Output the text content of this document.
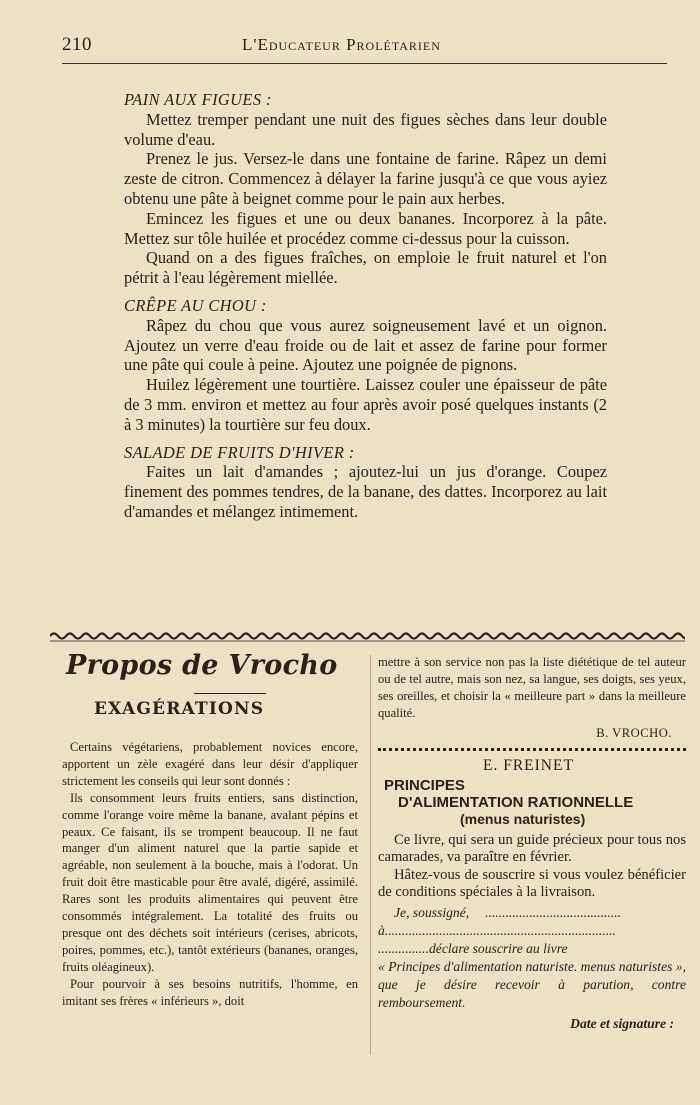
210	L'Educateur Prolétarien

PAIN AUX FIGUES :

Mettez tremper pendant une nuit des figues sèches dans leur double volume d'eau.

Prenez le jus. Versez-le dans une fontaine de farine. Râpez un demi zeste de citron. Commencez à délayer la farine jusqu'à ce que vous ayiez obtenu une pâte à beignet comme pour le pain aux herbes.

Emincez les figues et une ou deux bananes. Incorporez à la pâte. Mettez sur tôle huilée et procédez comme ci-dessus pour la cuisson.

Quand on a des figues fraîches, on emploie le fruit naturel et l'on pétrit à l'eau légèrement miellée.

CRÊPE AU CHOU :

Râpez du chou que vous aurez soigneusement lavé et un oignon. Ajoutez un verre d'eau froide ou de lait et assez de farine pour former une pâte qui coule à peine. Ajoutez une poignée de pignons.

Huilez légèrement une tourtière. Laissez couler une épaisseur de pâte de 3 mm. environ et mettez au four après avoir posé quelques instants (2 à 3 minutes) la tourtière sur feu doux.

SALADE DE FRUITS D'HIVER :

Faites un lait d'amandes ; ajoutez-lui un jus d'orange. Coupez finement des pommes tendres, de la banane, des dattes. Incorporez au lait d'amandes et mélangez intimement.

Propos de Vrocho

EXAGÉRATIONS

Certains végétariens, probablement novices encore, apportent un zèle exagéré dans leur désir d'appliquer strictement les conseils qui leur sont donnés :

Ils consomment leurs fruits entiers, sans distinction, comme l'orange voire même la banane, avalant pépins et peaux. Ce faisant, ils se trompent beaucoup. Il ne faut manger d'un aliment naturel que la partie sapide et agréable, non seulement à la bouche, mais à l'odorat. Un fruit doit être masticable pour être avalé, digéré, assimilé. Rares sont les produits alimentaires qui peuvent être consommés intégralement. La totalité des fruits ou presque ont des déchets soit intérieurs (cerises, abricots, poires, pommes, etc.), tantôt extérieurs (bananes, oranges, fruits oléagineux).

Pour pourvoir à ses besoins nutritifs, l'homme, en imitant ses frères « inférieurs », doit

mettre à son service non pas la liste diététique de tel auteur ou de tel autre, mais son nez, sa langue, ses doigts, ses yeux, ses oreilles, et choisir la « meilleure part » dans la meilleure qualité.

B. VROCHO.

E. FREINET

PRINCIPES

D'ALIMENTATION RATIONNELLE

(menus naturistes)

Ce livre, qui sera un guide précieux pour tous nos camarades, va paraître en février.

Hâtez-vous de souscrire si vous voulez bénéficier de conditions spéciales à la livraison.

Je, soussigné, ........................................

à....................................................................

...............déclare souscrire au livre

« Principes d'alimentation naturiste. menus naturistes », que je désire recevoir à parution, contre remboursement.

Date et signature :
